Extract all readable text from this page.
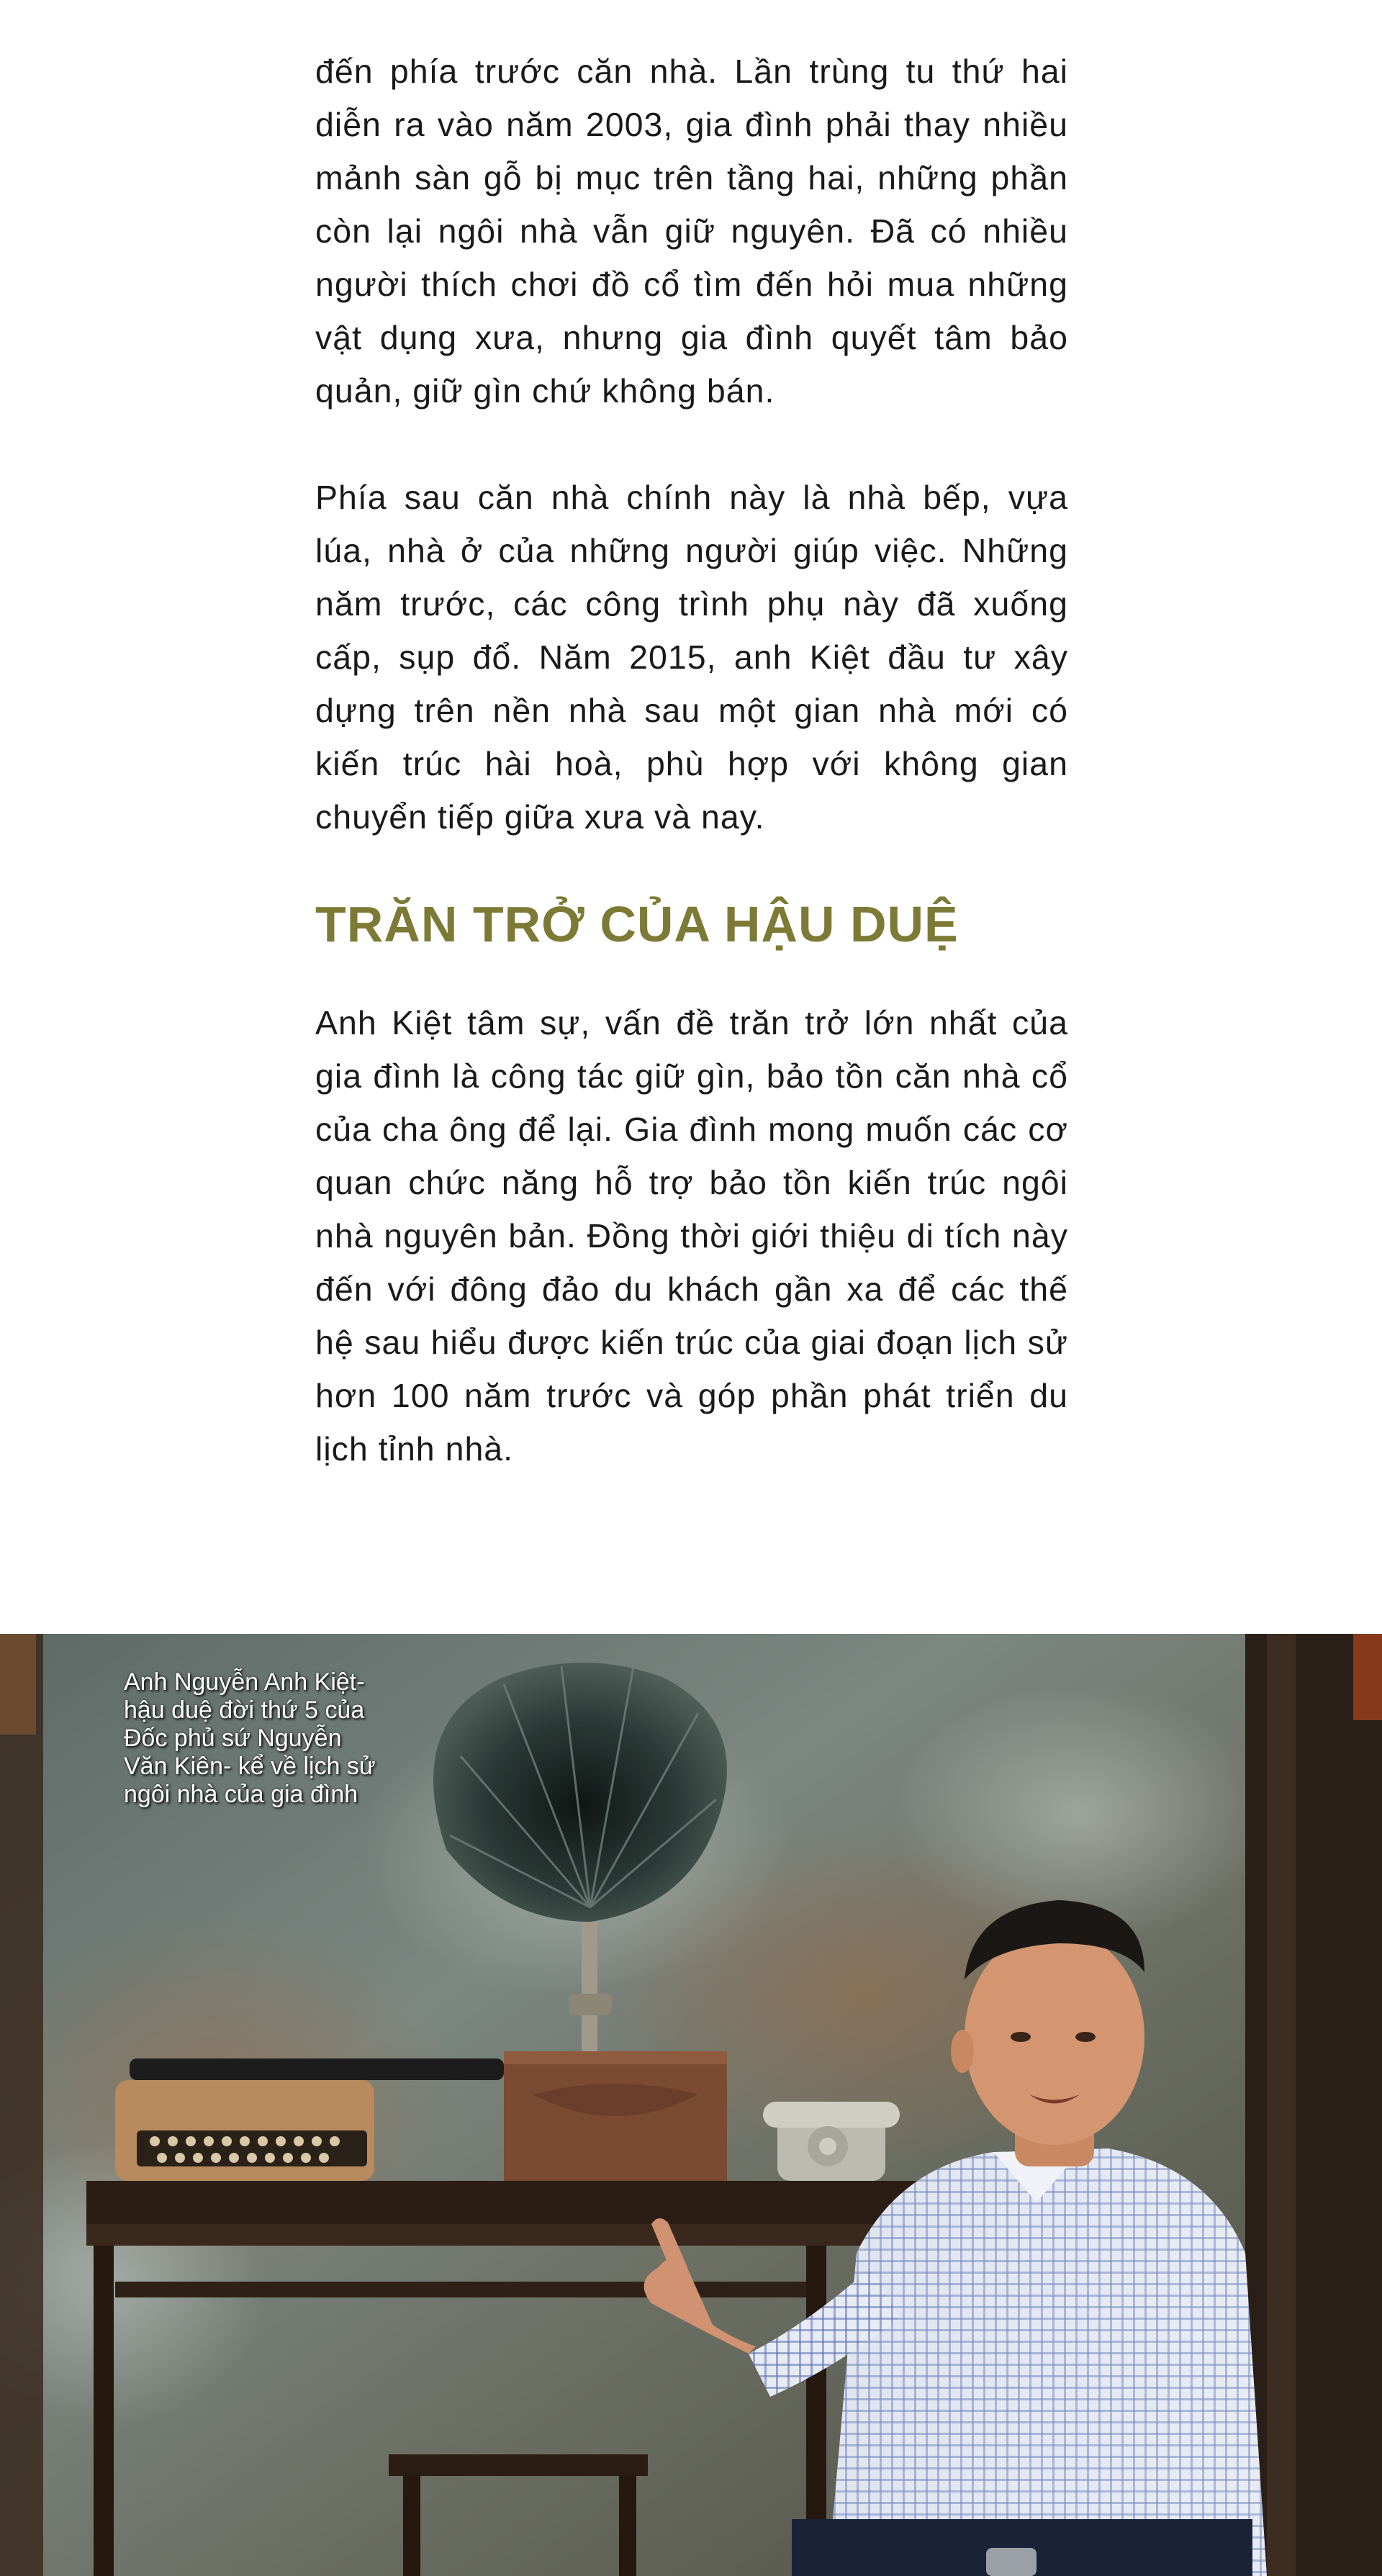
đến phía trước căn nhà. Lần trùng tu thứ hai diễn ra vào năm 2003, gia đình phải thay nhiều mảnh sàn gỗ bị mục trên tầng hai, những phần còn lại ngôi nhà vẫn giữ nguyên. Đã có nhiều người thích chơi đồ cổ tìm đến hỏi mua những vật dụng xưa, nhưng gia đình quyết tâm bảo quản, giữ gìn chứ không bán.

Phía sau căn nhà chính này là nhà bếp, vựa lúa, nhà ở của những người giúp việc. Những năm trước, các công trình phụ này đã xuống cấp, sụp đổ. Năm 2015, anh Kiệt đầu tư xây dựng trên nền nhà sau một gian nhà mới có kiến trúc hài hoà, phù hợp với không gian chuyển tiếp giữa xưa và nay.

TRĂN TRỞ CỦA HẬU DUỆ

Anh Kiệt tâm sự, vấn đề trăn trở lớn nhất của gia đình là công tác giữ gìn, bảo tồn căn nhà cổ của cha ông để lại. Gia đình mong muốn các cơ quan chức năng hỗ trợ bảo tồn kiến trúc ngôi nhà nguyên bản. Đồng thời giới thiệu di tích này đến với đông đảo du khách gần xa để các thế hệ sau hiểu được kiến trúc của giai đoạn lịch sử hơn 100 năm trước và góp phần phát triển du lịch tỉnh nhà.

Anh Nguyễn Anh Kiệt-
hậu duệ đời thứ 5 của
Đốc phủ sứ Nguyễn
Văn Kiên- kể về lịch sử
ngôi nhà của gia đình
